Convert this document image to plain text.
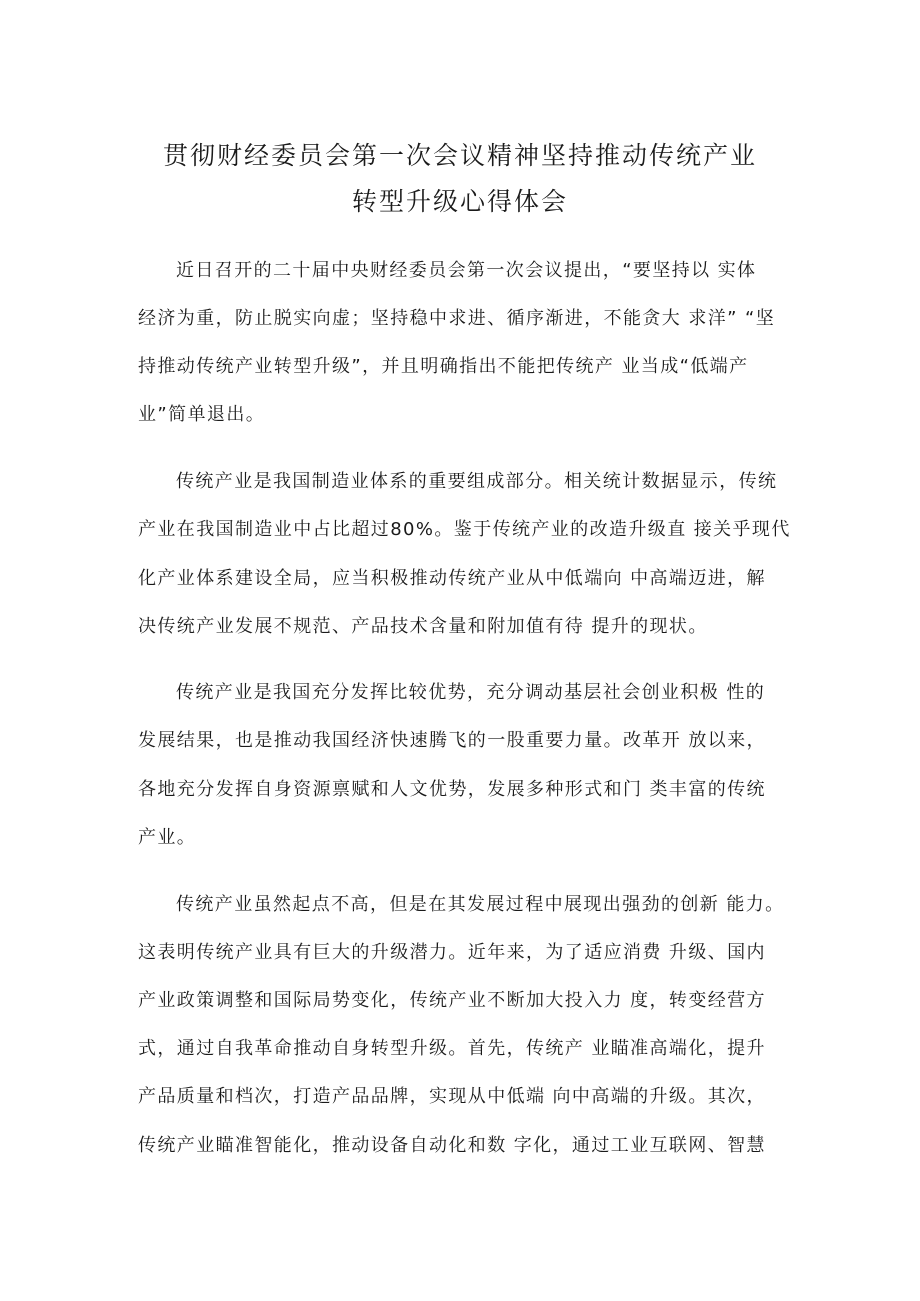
贯彻财经委员会第一次会议精神坚持推动传统产业
转型升级心得体会
近日召开的二十届中央财经委员会第一次会议提出，“要坚持以 实体
经济为重，防止脱实向虚；坚持稳中求进、循序渐进，不能贪大 求洋” “坚
持推动传统产业转型升级”，并且明确指出不能把传统产 业当成“低端产
业”简单退出。
传统产业是我国制造业体系的重要组成部分。相关统计数据显示，传统
产业在我国制造业中占比超过80%。鉴于传统产业的改造升级直 接关乎现代
化产业体系建设全局，应当积极推动传统产业从中低端向 中高端迈进，解
决传统产业发展不规范、产品技术含量和附加值有待 提升的现状。
传统产业是我国充分发挥比较优势，充分调动基层社会创业积极 性的
发展结果，也是推动我国经济快速腾飞的一股重要力量。改革开 放以来，
各地充分发挥自身资源禀赋和人文优势，发展多种形式和门 类丰富的传统
产业。
传统产业虽然起点不高，但是在其发展过程中展现出强劲的创新 能力。
这表明传统产业具有巨大的升级潜力。近年来，为了适应消费 升级、国内
产业政策调整和国际局势变化，传统产业不断加大投入力 度，转变经营方
式，通过自我革命推动自身转型升级。首先，传统产 业瞄准高端化，提升
产品质量和档次，打造产品品牌，实现从中低端 向中高端的升级。其次，
传统产业瞄准智能化，推动设备自动化和数 字化，通过工业互联网、智慧
